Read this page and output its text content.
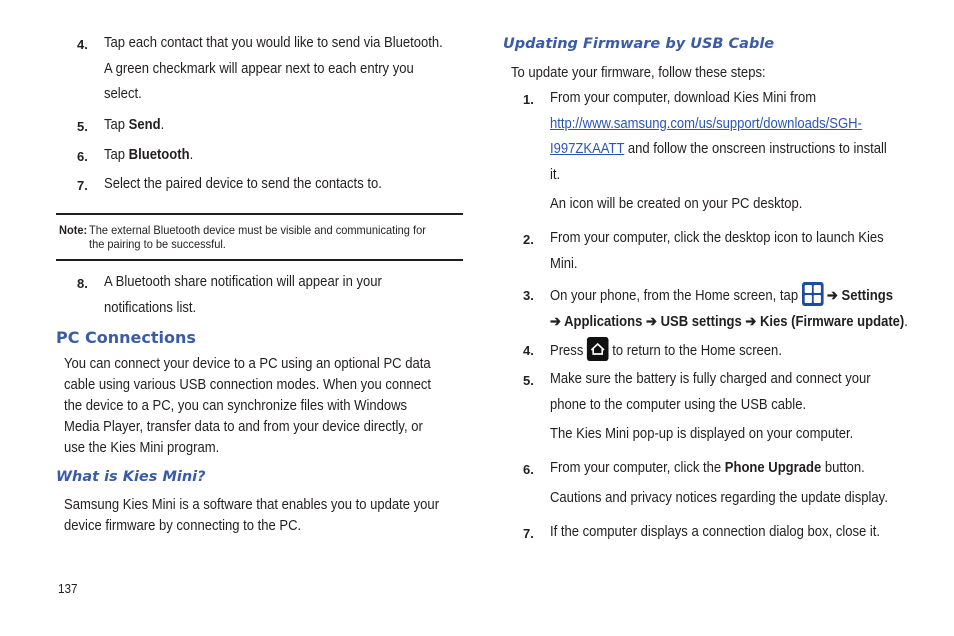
4. Tap each contact that you would like to send via Bluetooth.
A green checkmark will appear next to each entry you
select.
5. Tap Send.
6. Tap Bluetooth.
7. Select the paired device to send the contacts to.
Note: The external Bluetooth device must be visible and communicating for
the pairing to be successful.
8. A Bluetooth share notification will appear in your
notifications list.
PC Connections
You can connect your device to a PC using an optional PC data
cable using various USB connection modes. When you connect
the device to a PC, you can synchronize files with Windows
Media Player, transfer data to and from your device directly, or
use the Kies Mini program.
What is Kies Mini?
Samsung Kies Mini is a software that enables you to update your
device firmware by connecting to the PC.
Updating Firmware by USB Cable
To update your firmware, follow these steps:
1. From your computer, download Kies Mini from
http://www.samsung.com/us/support/downloads/SGH-
I997ZKAATT and follow the onscreen instructions to install
it.
An icon will be created on your PC desktop.
2. From your computer, click the desktop icon to launch Kies
Mini.
3. On your phone, from the Home screen, tap
➔ Settings
➔ Applications ➔ USB settings ➔ Kies (Firmware update).
4. Press
to return to the Home screen.
5. Make sure the battery is fully charged and connect your
phone to the computer using the USB cable.
The Kies Mini pop-up is displayed on your computer.
6. From your computer, click the Phone Upgrade button.
Cautions and privacy notices regarding the update display.
7. If the computer displays a connection dialog box, close it.
137
